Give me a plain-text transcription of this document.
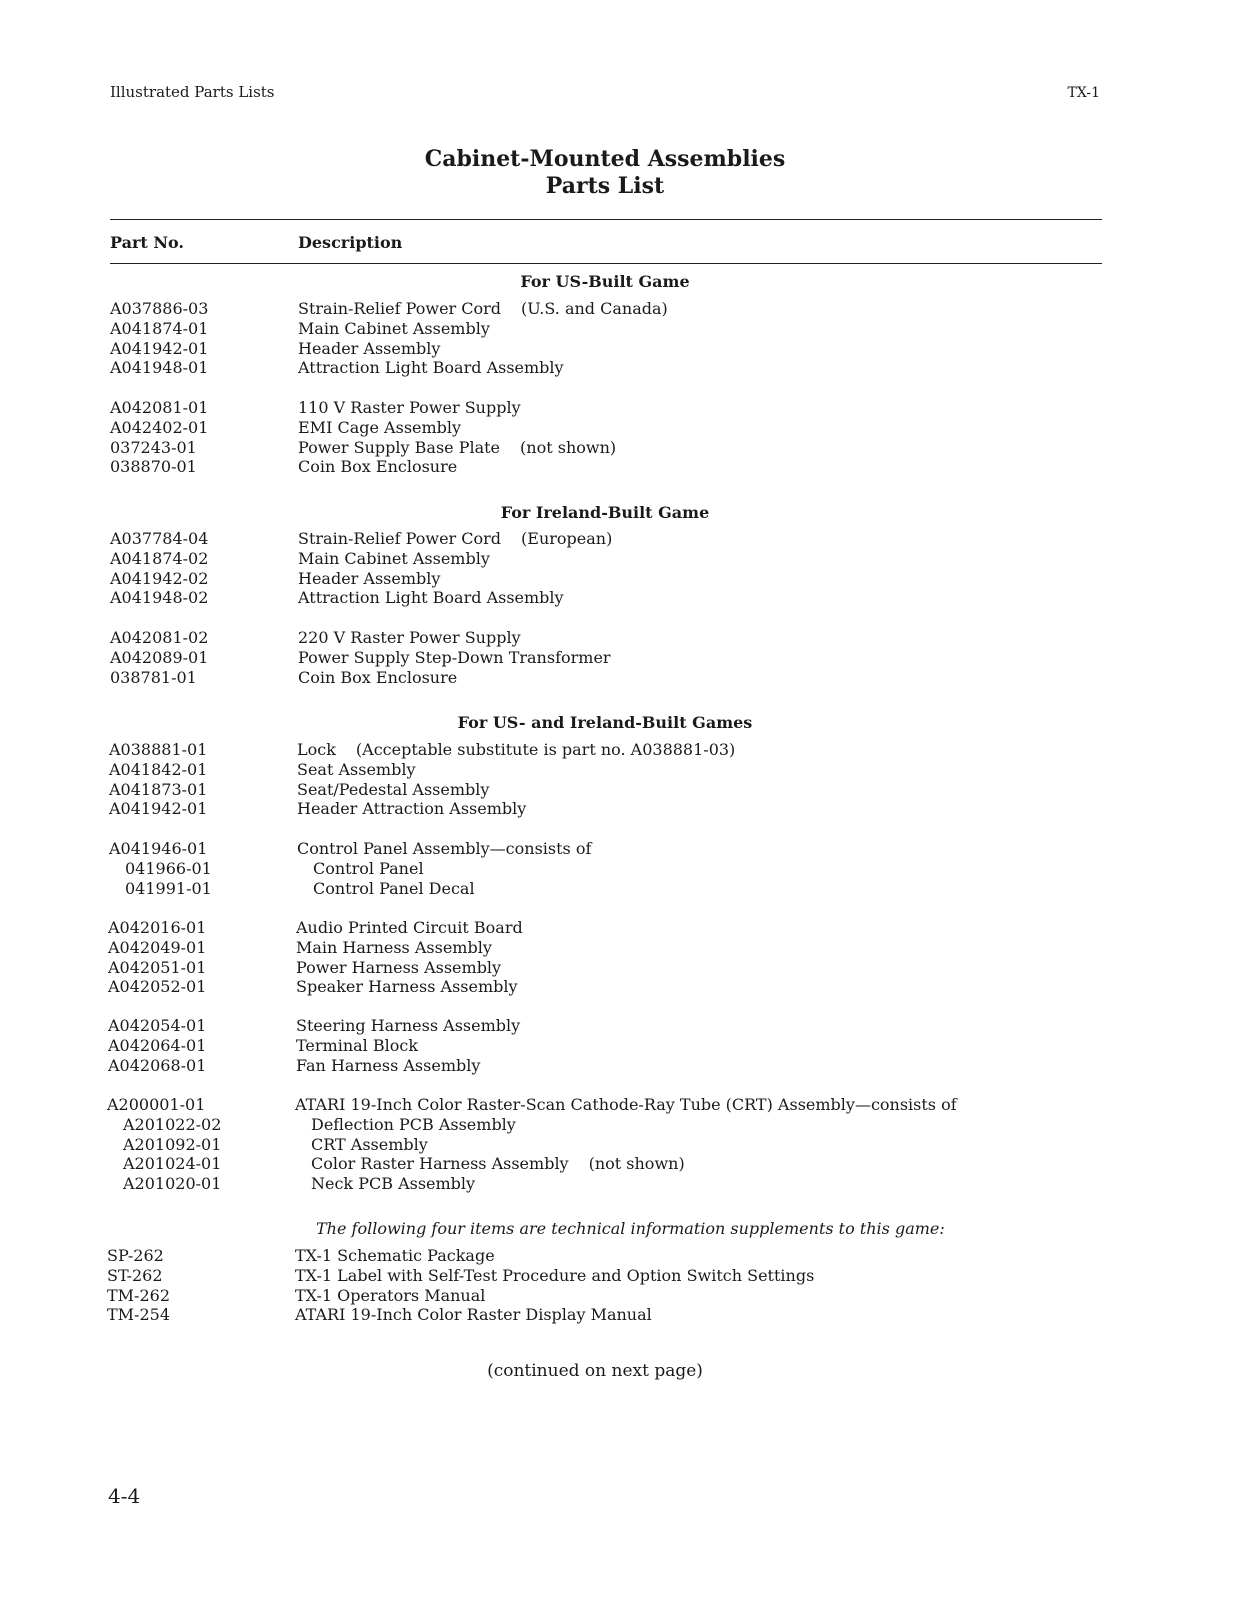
Illustrated Parts Lists	TX-1
Cabinet-Mounted Assemblies
Parts List
Part No.	Description
For US-Built Game
For Ireland-Built Game
For US- and Ireland-Built Games
The following four items are technical information supplements to this game:
A037886-03	Strain-Relief Power Cord (U.S. and Canada)
A041874-01	Main Cabinet Assembly
A041942-01	Header Assembly
A041948-01	Attraction Light Board Assembly
A042081-01	110 V Raster Power Supply
A042402-01	EMI Cage Assembly
037243-01	Power Supply Base Plate (not shown)
038870-01	Coin Box Enclosure
A037784-04	Strain-Relief Power Cord (European)
A041874-02	Main Cabinet Assembly
A041942-02	Header Assembly
A041948-02	Attraction Light Board Assembly
A042081-02	220 V Raster Power Supply
A042089-01	Power Supply Step-Down Transformer
038781-01	Coin Box Enclosure
A038881-01	Lock (Acceptable substitute is part no. A038881-03)
A041842-01	Seat Assembly
A041873-01	Seat/Pedestal Assembly
A041942-01	Header Attraction Assembly
A041946-01	Control Panel Assembly—consists of
041966-01	Control Panel
041991-01	Control Panel Decal
A042016-01	Audio Printed Circuit Board
A042049-01	Main Harness Assembly
A042051-01	Power Harness Assembly
A042052-01	Speaker Harness Assembly
A042054-01	Steering Harness Assembly
A042064-01	Terminal Block
A042068-01	Fan Harness Assembly
A200001-01	ATARI 19-Inch Color Raster-Scan Cathode-Ray Tube (CRT) Assembly—consists of
A201022-02	Deflection PCB Assembly
A201092-01	CRT Assembly
A201024-01	Color Raster Harness Assembly (not shown)
A201020-01	Neck PCB Assembly
SP-262	TX-1 Schematic Package
ST-262	TX-1 Label with Self-Test Procedure and Option Switch Settings
TM-262	TX-1 Operators Manual
TM-254	ATARI 19-Inch Color Raster Display Manual
(continued on next page)
4-4
